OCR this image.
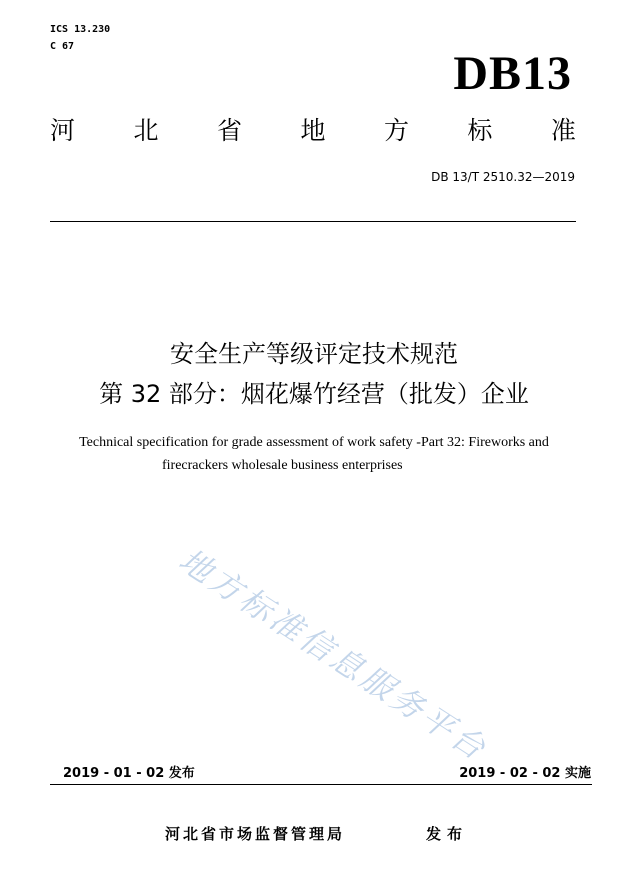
ICS 13.230
C 67
DB13
河 北 省 地 方 标 准
DB 13/T 2510.32—2019
安全生产等级评定技术规范
第 32 部分：烟花爆竹经营（批发）企业
Technical specification for grade assessment of work safety -Part 32: Fireworks and
firecrackers wholesale business enterprises
地方标准信息服务平台
2019 - 01 - 02 发布	2019 - 02 - 02 实施
河北省市场监督管理局	发布
